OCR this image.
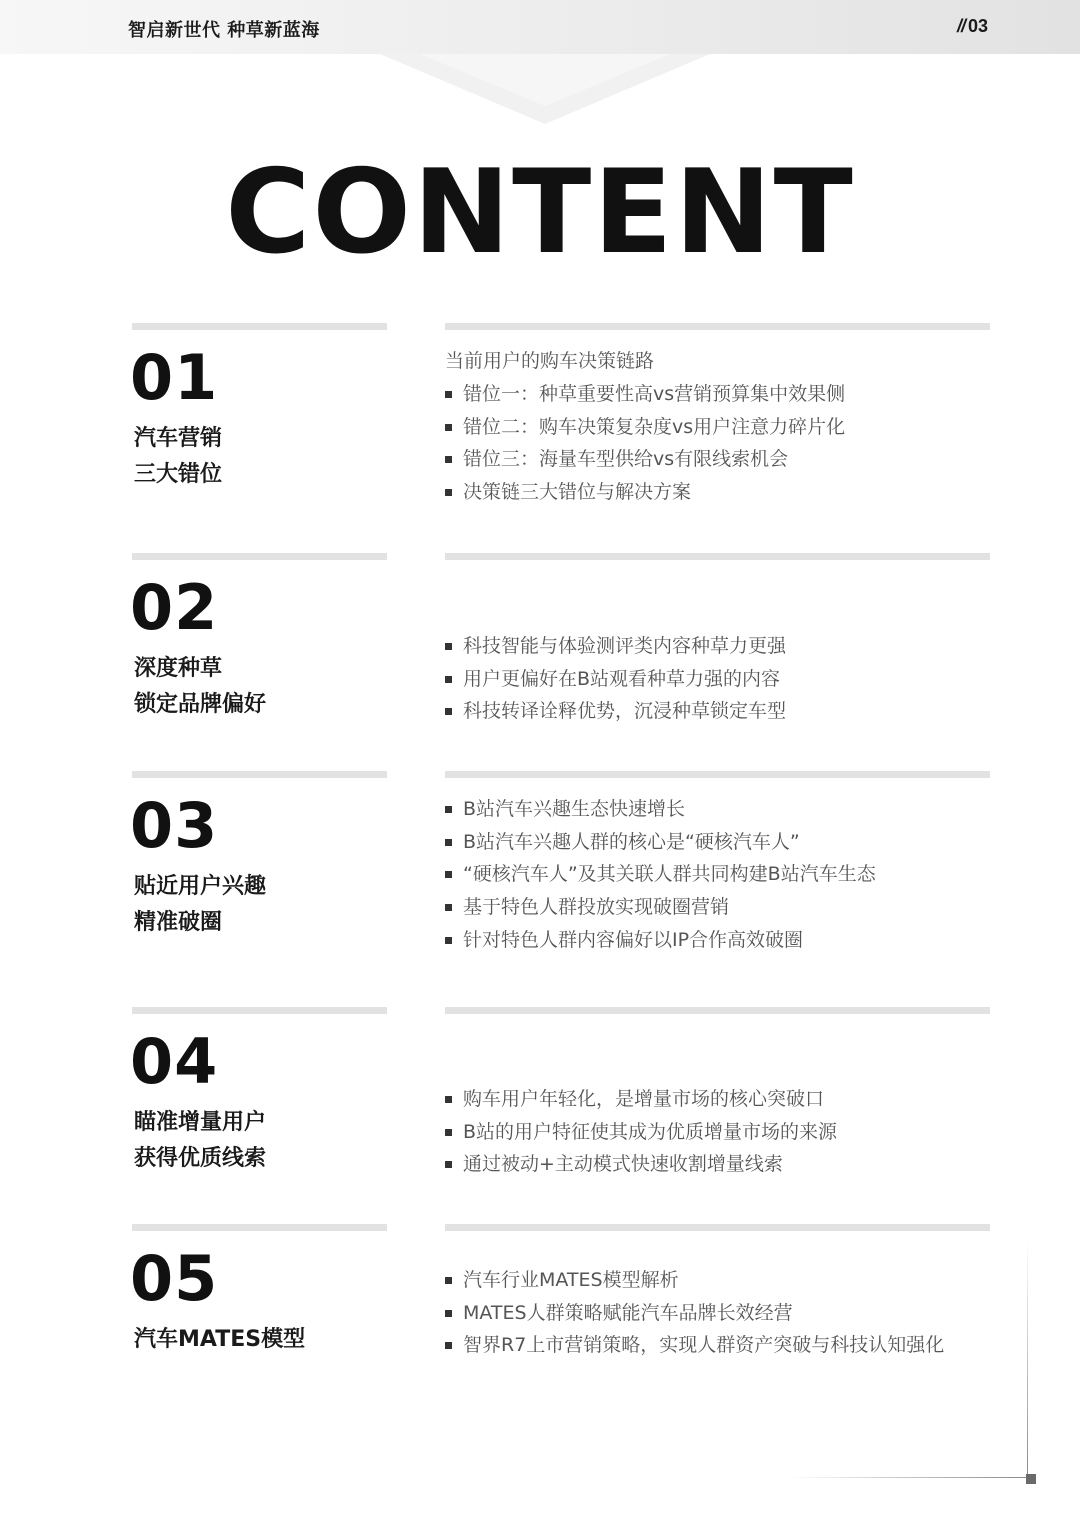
智启新世代 种草新蓝海	// 03
CONTENT
01
汽车营销
三大错位
当前用户的购车决策链路
错位一：种草重要性高vs营销预算集中效果侧
错位二：购车决策复杂度vs用户注意力碎片化
错位三：海量车型供给vs有限线索机会
决策链三大错位与解决方案
02
深度种草
锁定品牌偏好
科技智能与体验测评类内容种草力更强
用户更偏好在B站观看种草力强的内容
科技转译诠释优势，沉浸种草锁定车型
03
贴近用户兴趣
精准破圈
B站汽车兴趣生态快速增长
B站汽车兴趣人群的核心是“硬核汽车人”
“硬核汽车人”及其关联人群共同构建B站汽车生态
基于特色人群投放实现破圈营销
针对特色人群内容偏好以IP合作高效破圈
04
瞄准增量用户
获得优质线索
购车用户年轻化，是增量市场的核心突破口
B站的用户特征使其成为优质增量市场的来源
通过被动+主动模式快速收割增量线索
05
汽车MATES模型
汽车行业MATES模型解析
MATES人群策略赋能汽车品牌长效经营
智界R7上市营销策略，实现人群资产突破与科技认知强化
